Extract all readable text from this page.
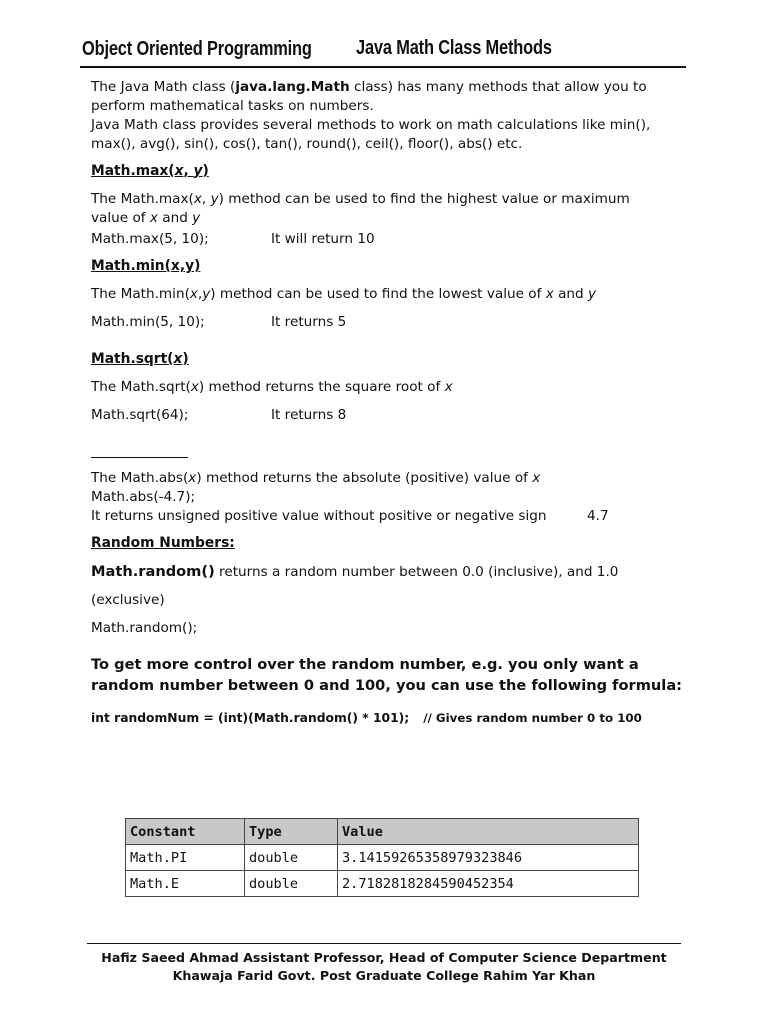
Object Oriented Programming Java Math Class Methods
The Java Math class (java.lang.Math class) has many methods that allow you to
perform mathematical tasks on numbers.
Java Math class provides several methods to work on math calculations like min(),
max(), avg(), sin(), cos(), tan(), round(), ceil(), floor(), abs() etc.
Math.max(x, y)
The Math.max(x, y) method can be used to find the highest value or maximum
value of x and y
Math.max(5, 10);	It will return 10
Math.min(x,y)
The Math.min(x,y) method can be used to find the lowest value of x and y
Math.min(5, 10);	It returns 5
Math.sqrt(x)
The Math.sqrt(x) method returns the square root of x
Math.sqrt(64);	It returns 8
The Math.abs(x) method returns the absolute (positive) value of x
Math.abs(-4.7);
It returns unsigned positive value without positive or negative sign	4.7
Random Numbers:
Math.random() returns a random number between 0.0 (inclusive), and 1.0
(exclusive)
Math.random();
To get more control over the random number, e.g. you only want a
random number between 0 and 100, you can use the following formula:
int randomNum = (int)(Math.random() * 101); // Gives random number 0 to 100
Constant	Type	Value
Math.PI	double	3.14159265358979323846
Math.E	double	2.7182818284590452354
Hafiz Saeed Ahmad Assistant Professor, Head of Computer Science Department
Khawaja Farid Govt. Post Graduate College Rahim Yar Khan
